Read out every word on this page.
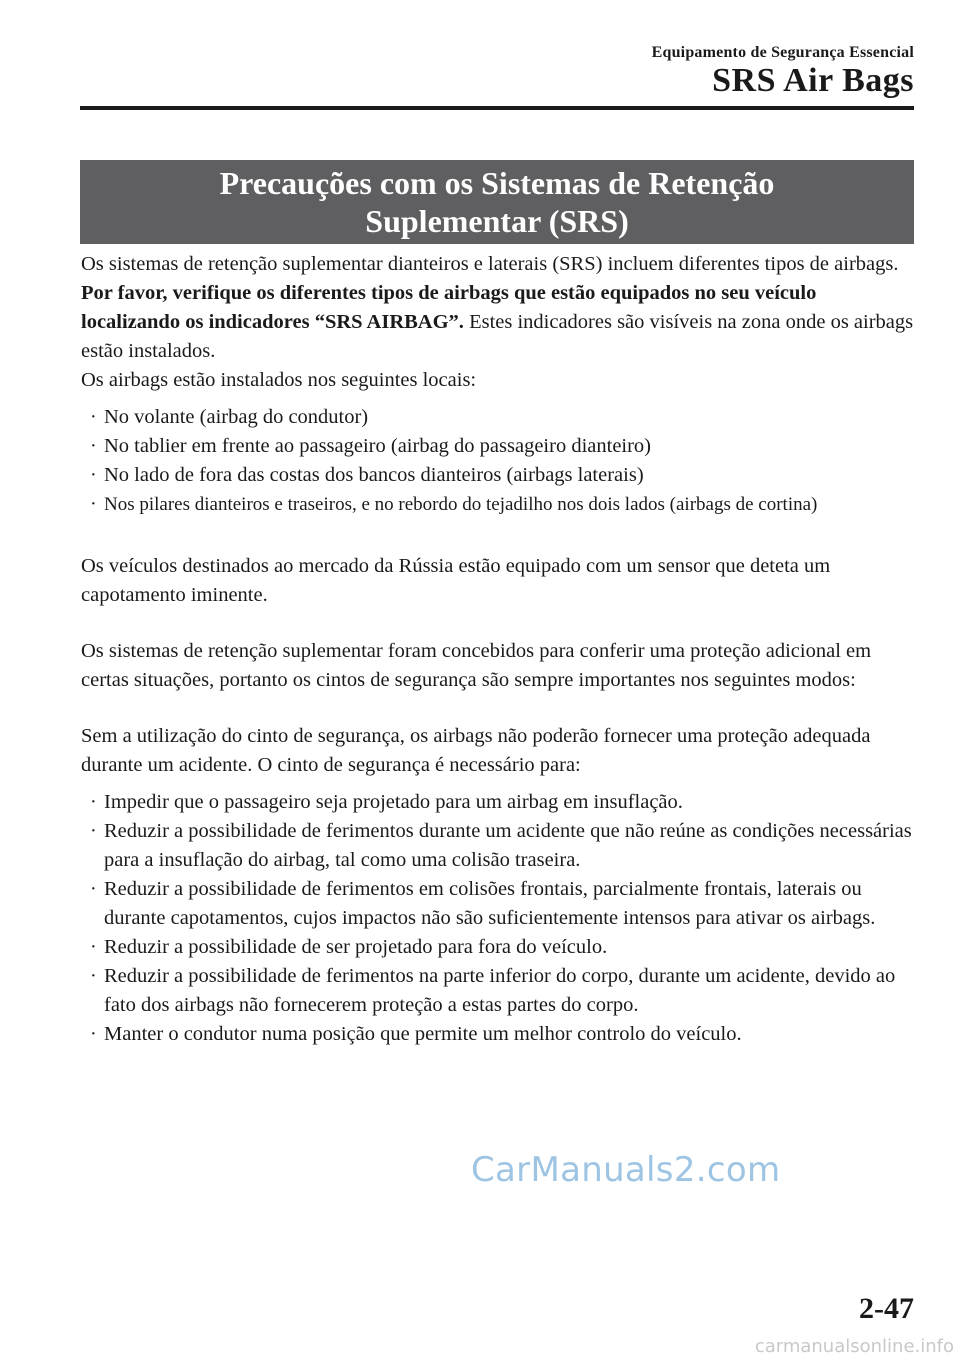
Equipamento de Segurança Essencial
SRS Air Bags
Precauções com os Sistemas de Retenção
Suplementar (SRS)

Os sistemas de retenção suplementar dianteiros e laterais (SRS) incluem diferentes tipos de airbags. Por favor, verifique os diferentes tipos de airbags que estão equipados no seu veículo localizando os indicadores “SRS AIRBAG”. Estes indicadores são visíveis na zona onde os airbags estão instalados.

Os airbags estão instalados nos seguintes locais:

· No volante (airbag do condutor)
· No tablier em frente ao passageiro (airbag do passageiro dianteiro)
· No lado de fora das costas dos bancos dianteiros (airbags laterais)
· Nos pilares dianteiros e traseiros, e no rebordo do tejadilho nos dois lados (airbags de cortina)

Os veículos destinados ao mercado da Rússia estão equipado com um sensor que deteta um capotamento iminente.

Os sistemas de retenção suplementar foram concebidos para conferir uma proteção adicional em certas situações, portanto os cintos de segurança são sempre importantes nos seguintes modos:

Sem a utilização do cinto de segurança, os airbags não poderão fornecer uma proteção adequada durante um acidente. O cinto de segurança é necessário para:

· Impedir que o passageiro seja projetado para um airbag em insuflação.
· Reduzir a possibilidade de ferimentos durante um acidente que não reúne as condições necessárias para a insuflação do airbag, tal como uma colisão traseira.
· Reduzir a possibilidade de ferimentos em colisões frontais, parcialmente frontais, laterais ou durante capotamentos, cujos impactos não são suficientemente intensos para ativar os airbags.
· Reduzir a possibilidade de ser projetado para fora do veículo.
· Reduzir a possibilidade de ferimentos na parte inferior do corpo, durante um acidente, devido ao fato dos airbags não fornecerem proteção a estas partes do corpo.
· Manter o condutor numa posição que permite um melhor controlo do veículo.
CarManuals2.com
2-47
carmanualsonline.info
